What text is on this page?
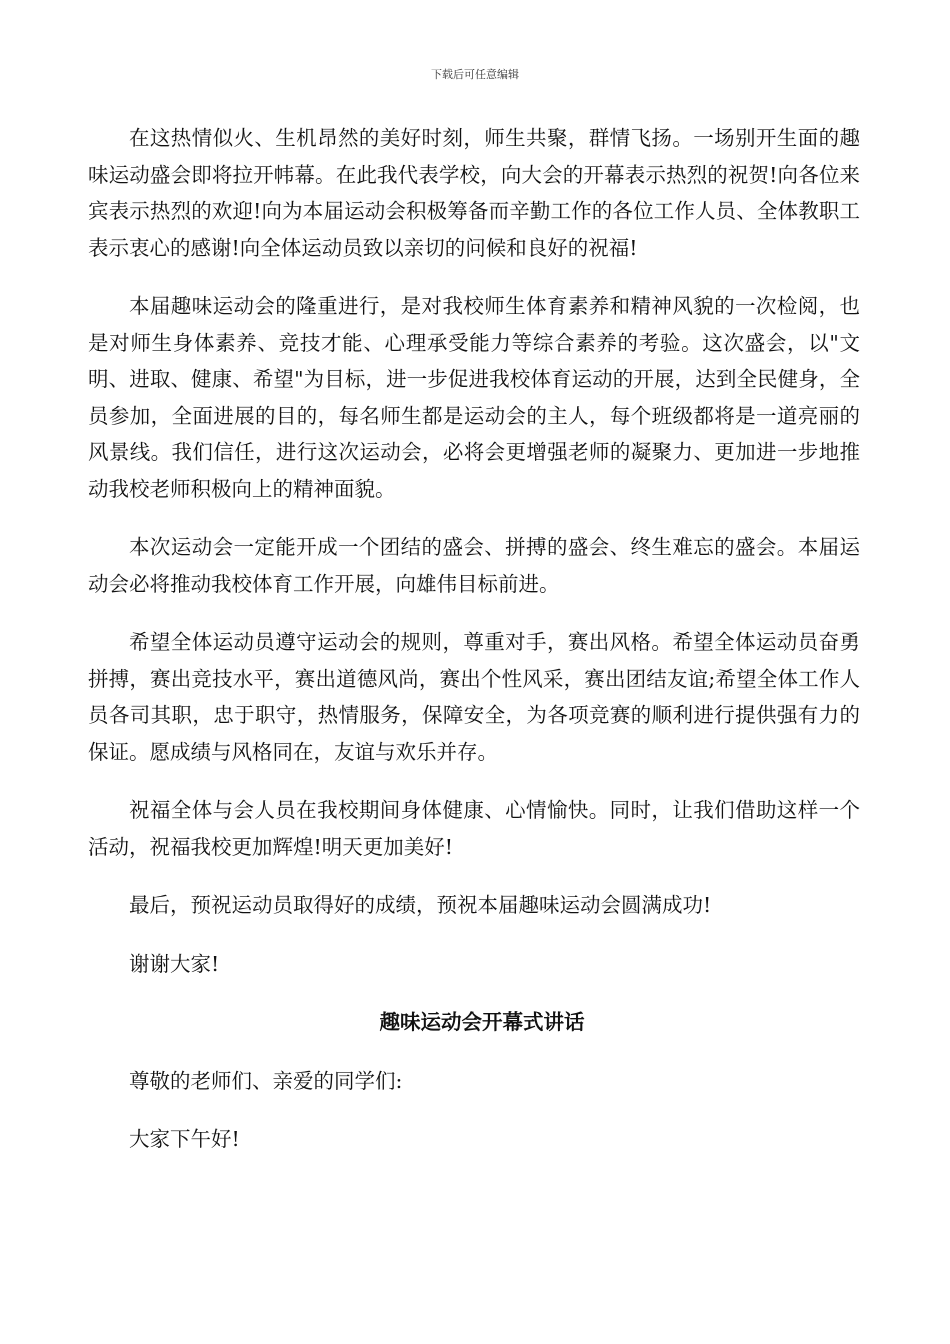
下载后可任意编辑

在这热情似火、生机昂然的美好时刻，师生共聚，群情飞扬。一场别开生面的趣味运动盛会即将拉开帏幕。在此我代表学校，向大会的开幕表示热烈的祝贺!向各位来宾表示热烈的欢迎!向为本届运动会积极筹备而辛勤工作的各位工作人员、全体教职工表示衷心的感谢!向全体运动员致以亲切的问候和良好的祝福!

本届趣味运动会的隆重进行，是对我校师生体育素养和精神风貌的一次检阅，也是对师生身体素养、竞技才能、心理承受能力等综合素养的考验。这次盛会，以"文明、进取、健康、希望"为目标，进一步促进我校体育运动的开展，达到全民健身，全员参加，全面进展的目的，每名师生都是运动会的主人，每个班级都将是一道亮丽的风景线。我们信任，进行这次运动会，必将会更增强老师的凝聚力、更加进一步地推动我校老师积极向上的精神面貌。

本次运动会一定能开成一个团结的盛会、拼搏的盛会、终生难忘的盛会。本届运动会必将推动我校体育工作开展，向雄伟目标前进。

希望全体运动员遵守运动会的规则，尊重对手，赛出风格。希望全体运动员奋勇拼搏，赛出竞技水平，赛出道德风尚，赛出个性风采，赛出团结友谊;希望全体工作人员各司其职，忠于职守，热情服务，保障安全，为各项竞赛的顺利进行提供强有力的保证。愿成绩与风格同在，友谊与欢乐并存。

祝福全体与会人员在我校期间身体健康、心情愉快。同时，让我们借助这样一个活动，祝福我校更加辉煌!明天更加美好!

最后，预祝运动员取得好的成绩，预祝本届趣味运动会圆满成功!

谢谢大家!

趣味运动会开幕式讲话

尊敬的老师们、亲爱的同学们:

大家下午好!
